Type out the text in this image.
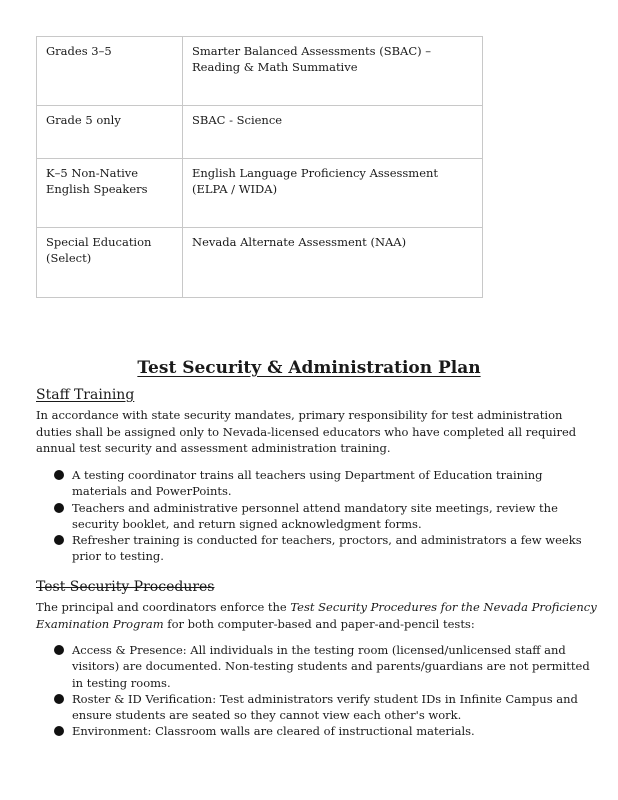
Grades 3–5	Smarter Balanced Assessments (SBAC) – Reading & Math Summative
Grade 5 only	SBAC - Science
K–5 Non-Native English Speakers	English Language Proficiency Assessment (ELPA / WIDA)
Special Education (Select)	Nevada Alternate Assessment (NAA)
Test Security & Administration Plan
Staff Training
In accordance with state security mandates, primary responsibility for test administration duties shall be assigned only to Nevada-licensed educators who have completed all required annual test security and assessment administration training.
A testing coordinator trains all teachers using Department of Education training materials and PowerPoints.
Teachers and administrative personnel attend mandatory site meetings, review the security booklet, and return signed acknowledgment forms.
Refresher training is conducted for teachers, proctors, and administrators a few weeks prior to testing.
Test Security Procedures
The principal and coordinators enforce the Test Security Procedures for the Nevada Proficiency Examination Program for both computer-based and paper-and-pencil tests:
Access & Presence: All individuals in the testing room (licensed/unlicensed staff and visitors) are documented. Non-testing students and parents/guardians are not permitted in testing rooms.
Roster & ID Verification: Test administrators verify student IDs in Infinite Campus and ensure students are seated so they cannot view each other's work.
Environment: Classroom walls are cleared of instructional materials.
